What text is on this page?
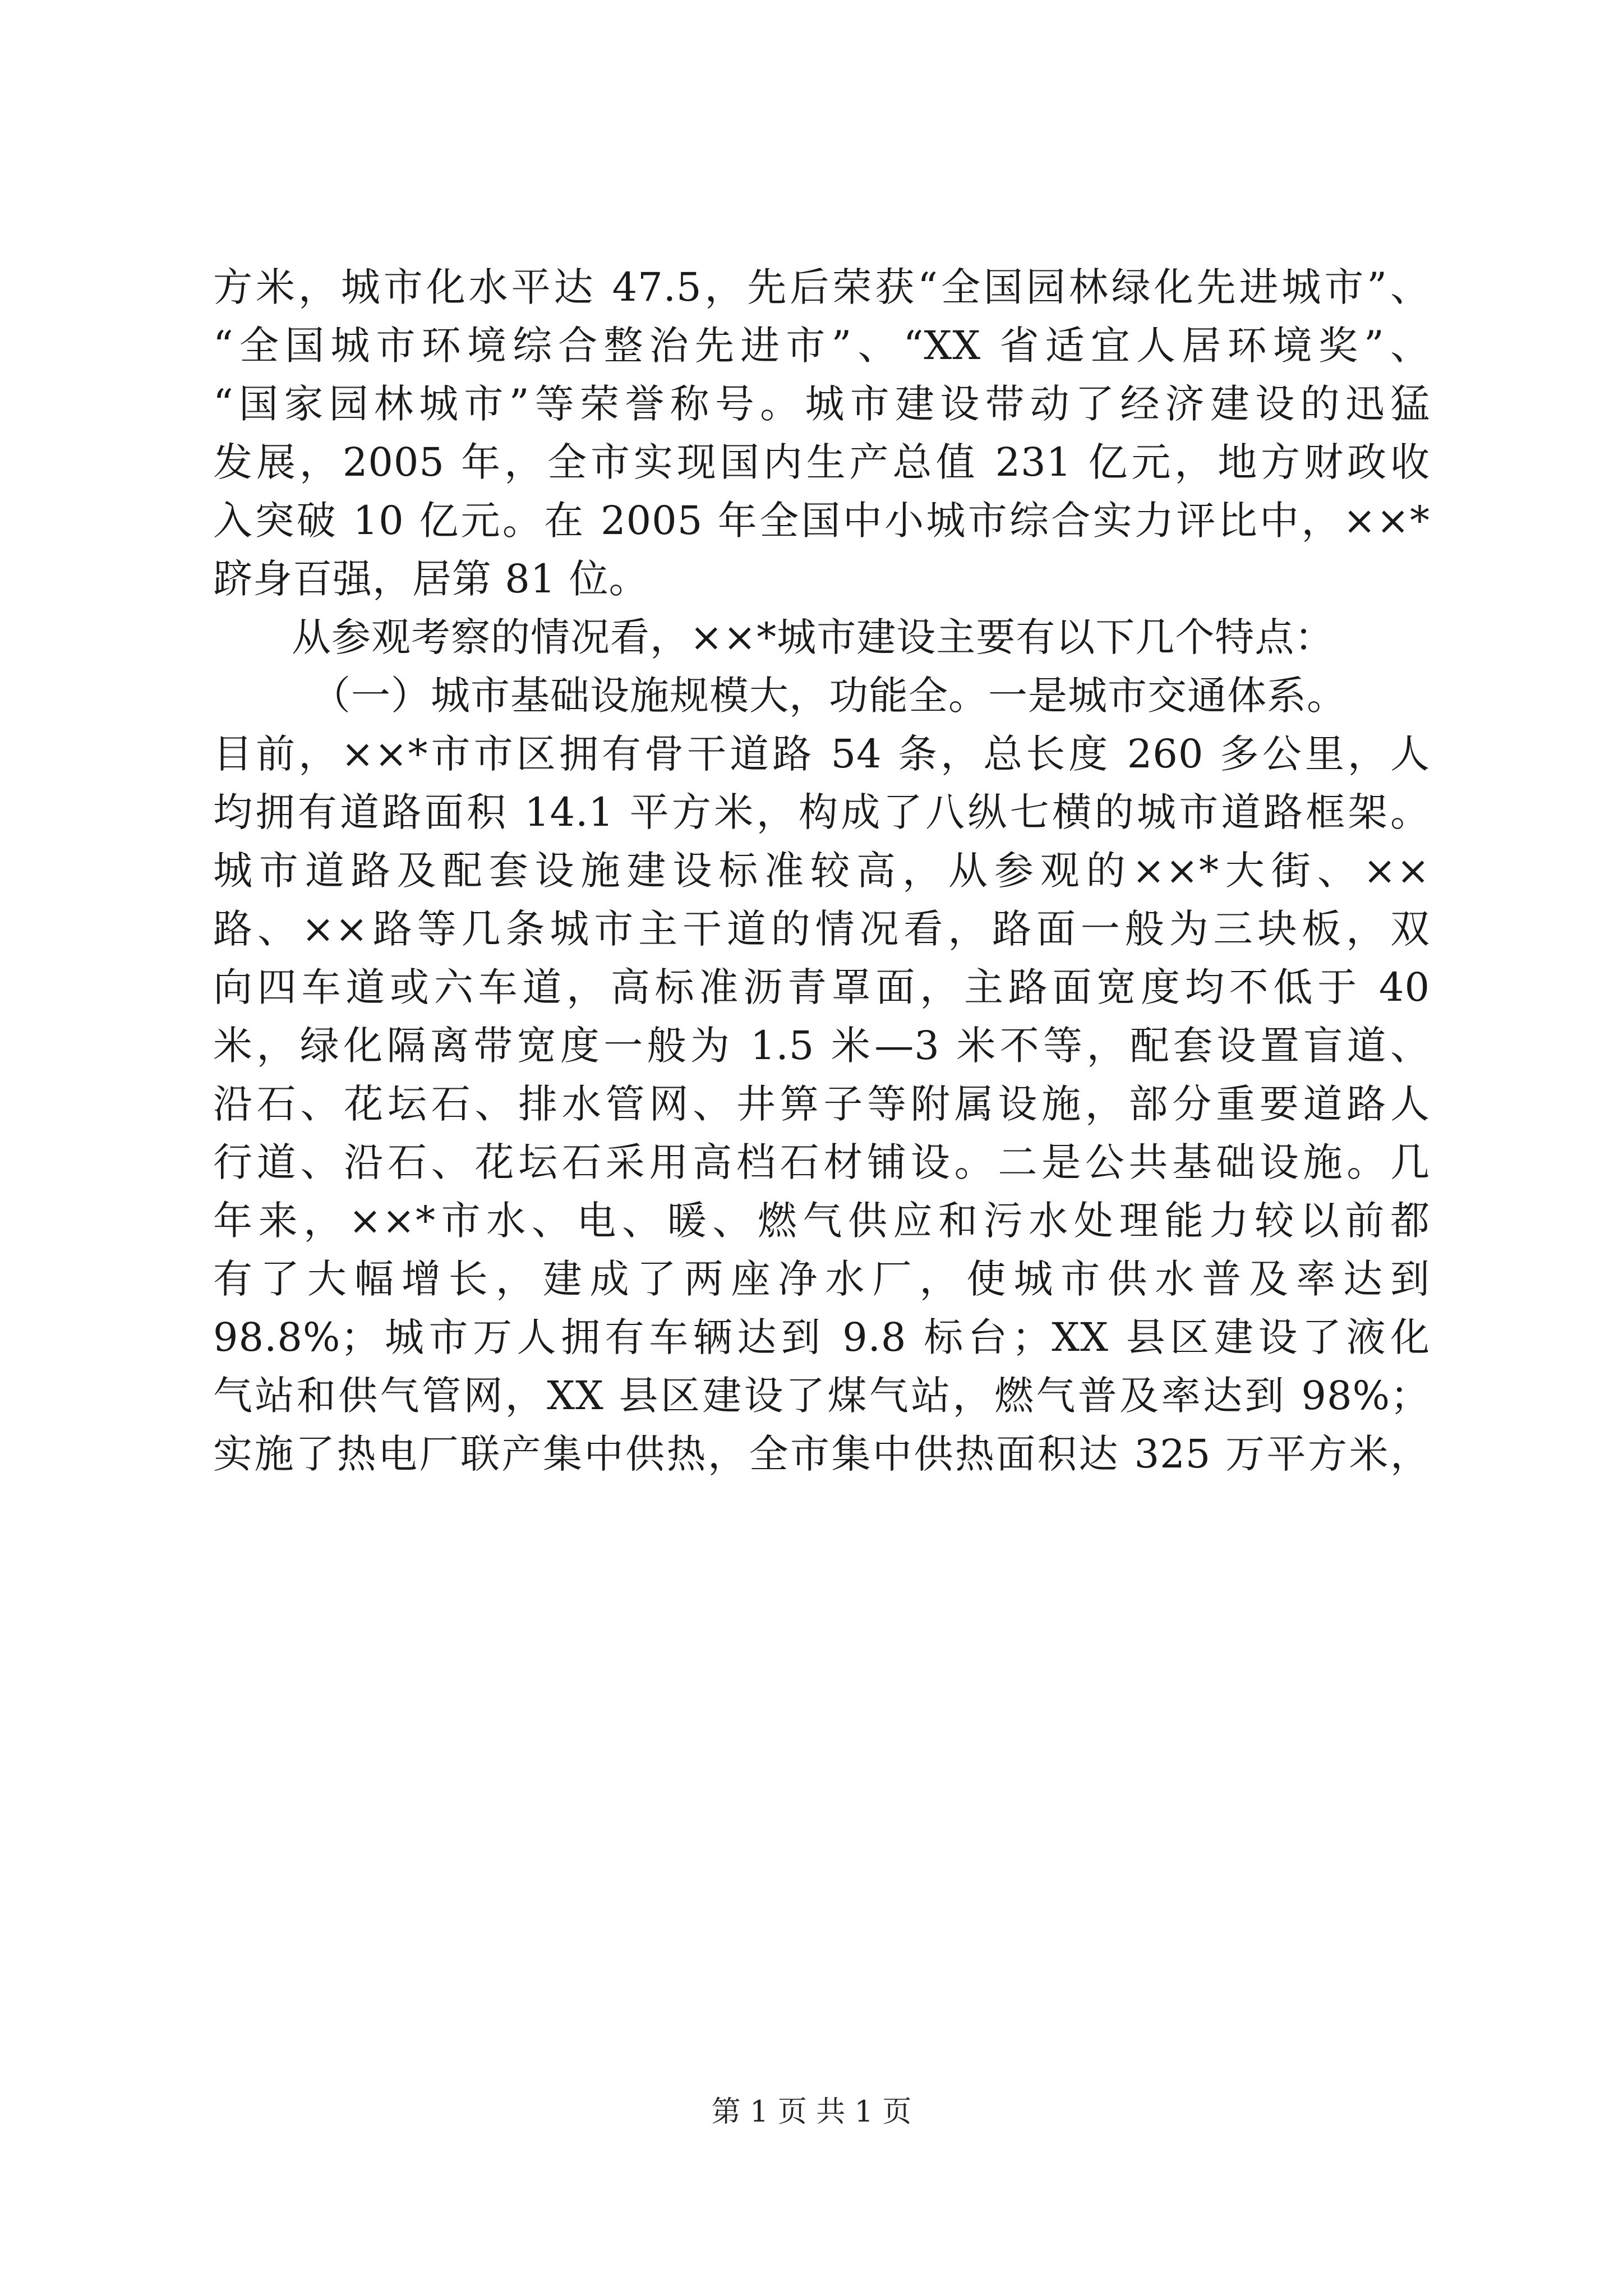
方米，城市化水平达 47.5，先后荣获“全国园林绿化先进城市”、
“全国城市环境综合整治先进市”、“XX 省适宜人居环境奖”、
“国家园林城市”等荣誉称号。城市建设带动了经济建设的迅猛
发展，2005 年，全市实现国内生产总值 231 亿元，地方财政收
入突破 10 亿元。在 2005 年全国中小城市综合实力评比中，××*
跻身百强，居第 81 位。
从参观考察的情况看，××*城市建设主要有以下几个特点：
（一）城市基础设施规模大，功能全。一是城市交通体系。
目前，××*市市区拥有骨干道路 54 条，总长度 260 多公里，人
均拥有道路面积 14.1 平方米，构成了八纵七横的城市道路框架。
城市道路及配套设施建设标准较高，从参观的××*大街、××
路、××路等几条城市主干道的情况看，路面一般为三块板，双
向四车道或六车道，高标准沥青罩面，主路面宽度均不低于 40
米，绿化隔离带宽度一般为 1.5 米—3 米不等，配套设置盲道、
沿石、花坛石、排水管网、井箅子等附属设施，部分重要道路人
行道、沿石、花坛石采用高档石材铺设。二是公共基础设施。几
年来，××*市水、电、暖、燃气供应和污水处理能力较以前都
有了大幅增长，建成了两座净水厂，使城市供水普及率达到
98.8%；城市万人拥有车辆达到 9.8 标台；XX 县区建设了液化
气站和供气管网，XX 县区建设了煤气站，燃气普及率达到 98%；
实施了热电厂联产集中供热，全市集中供热面积达 325 万平方米，
第 1 页 共 1 页
